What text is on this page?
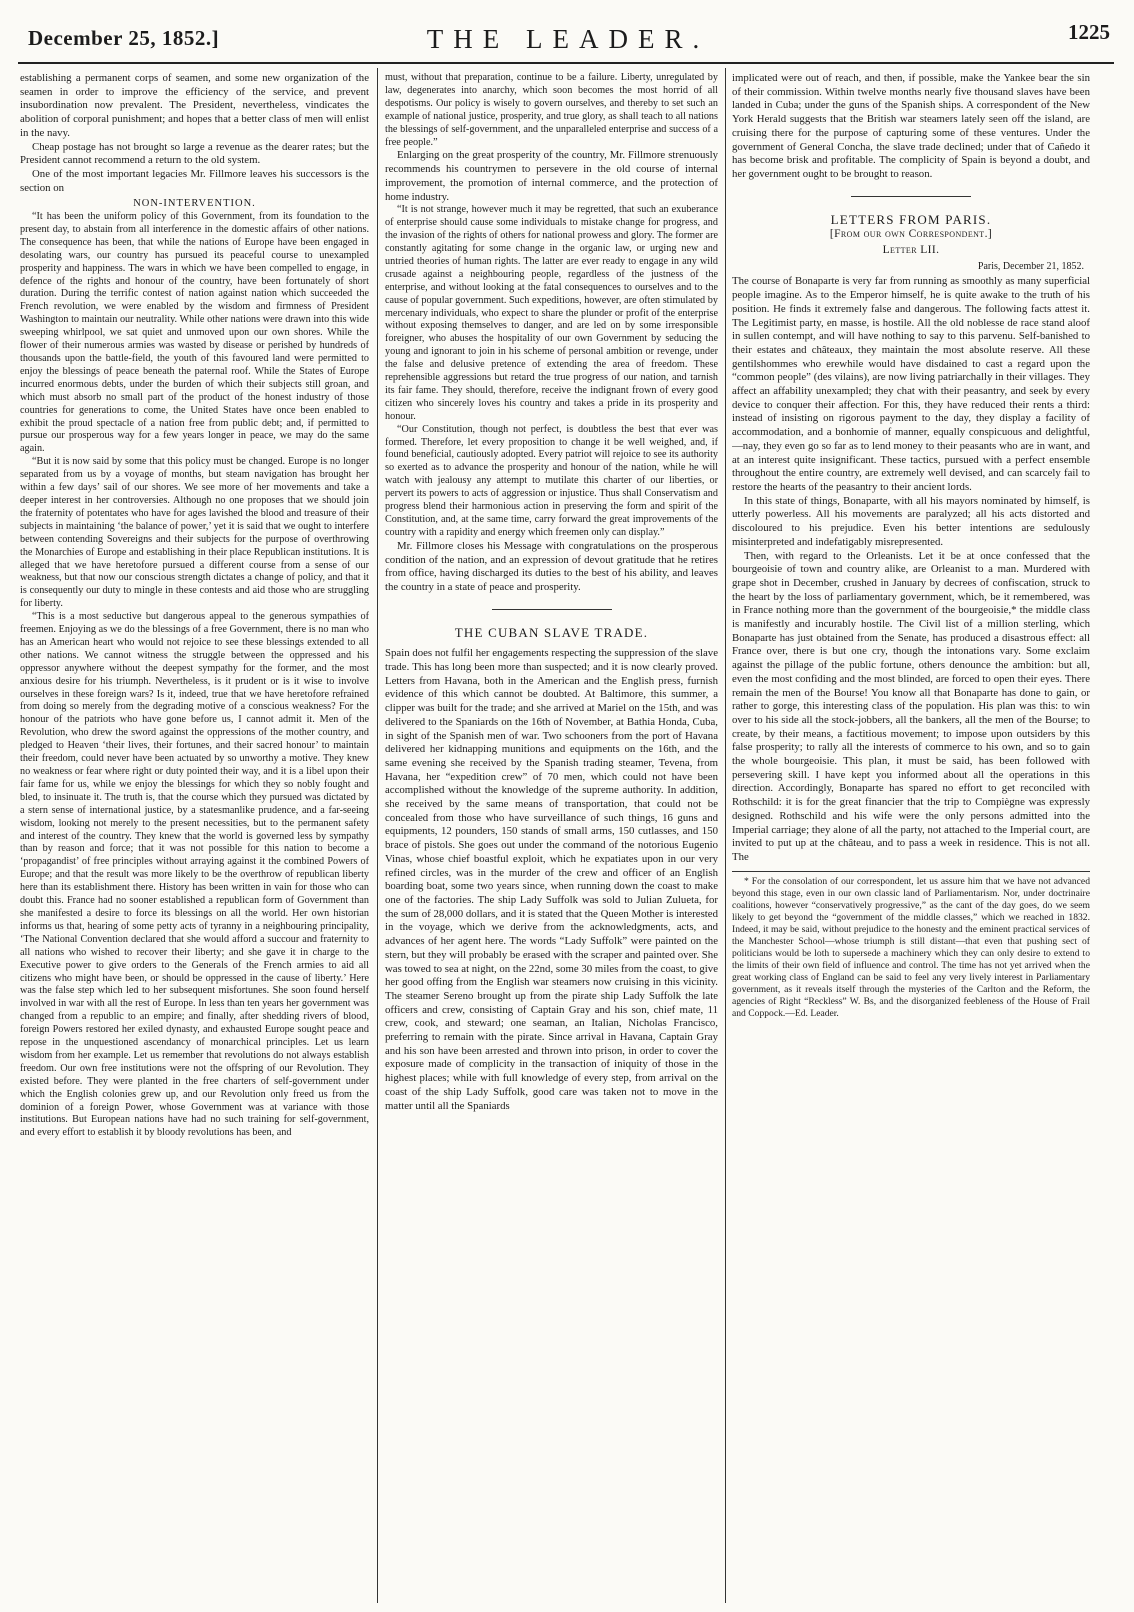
December 25, 1852.]	THE LEADER.	1225

establishing a permanent corps of seamen, and some new organization of the seamen in order to improve the efficiency of the service, and prevent insubordination now prevalent. The President, nevertheless, vindicates the abolition of corporal punishment; and hopes that a better class of men will enlist in the navy.

Cheap postage has not brought so large a revenue as the dearer rates; but the President cannot recommend a return to the old system.

One of the most important legacies Mr. Fillmore leaves his successors is the section on

NON-INTERVENTION.

“It has been the uniform policy of this Government, from its foundation to the present day, to abstain from all interference in the domestic affairs of other nations. The consequence has been, that while the nations of Europe have been engaged in desolating wars, our country has pursued its peaceful course to unexampled prosperity and happiness. The wars in which we have been compelled to engage, in defence of the rights and honour of the country, have been fortunately of short duration. During the terrific contest of nation against nation which succeeded the French revolution, we were enabled by the wisdom and firmness of President Washington to maintain our neutrality. While other nations were drawn into this wide sweeping whirlpool, we sat quiet and unmoved upon our own shores. While the flower of their numerous armies was wasted by disease or perished by hundreds of thousands upon the battle-field, the youth of this favoured land were permitted to enjoy the blessings of peace beneath the paternal roof. While the States of Europe incurred enormous debts, under the burden of which their subjects still groan, and which must absorb no small part of the product of the honest industry of those countries for generations to come, the United States have once been enabled to exhibit the proud spectacle of a nation free from public debt; and, if permitted to pursue our prosperous way for a few years longer in peace, we may do the same again.

“But it is now said by some that this policy must be changed. Europe is no longer separated from us by a voyage of months, but steam navigation has brought her within a few days’ sail of our shores. We see more of her movements and take a deeper interest in her controversies. Although no one proposes that we should join the fraternity of potentates who have for ages lavished the blood and treasure of their subjects in maintaining ‘the balance of power,’ yet it is said that we ought to interfere between contending Sovereigns and their subjects for the purpose of overthrowing the Monarchies of Europe and establishing in their place Republican institutions. It is alleged that we have heretofore pursued a different course from a sense of our weakness, but that now our conscious strength dictates a change of policy, and that it is consequently our duty to mingle in these contests and aid those who are struggling for liberty.

“This is a most seductive but dangerous appeal to the generous sympathies of freemen. Enjoying as we do the blessings of a free Government, there is no man who has an American heart who would not rejoice to see these blessings extended to all other nations. We cannot witness the struggle between the oppressed and his oppressor anywhere without the deepest sympathy for the former, and the most anxious desire for his triumph. Nevertheless, is it prudent or is it wise to involve ourselves in these foreign wars? Is it, indeed, true that we have heretofore refrained from doing so merely from the degrading motive of a conscious weakness? For the honour of the patriots who have gone before us, I cannot admit it. Men of the Revolution, who drew the sword against the oppressions of the mother country, and pledged to Heaven ‘their lives, their fortunes, and their sacred honour’ to maintain their freedom, could never have been actuated by so unworthy a motive. They knew no weakness or fear where right or duty pointed their way, and it is a libel upon their fair fame for us, while we enjoy the blessings for which they so nobly fought and bled, to insinuate it. The truth is, that the course which they pursued was dictated by a stern sense of international justice, by a statesmanlike prudence, and a far-seeing wisdom, looking not merely to the present necessities, but to the permanent safety and interest of the country. They knew that the world is governed less by sympathy than by reason and force; that it was not possible for this nation to become a ‘propagandist’ of free principles without arraying against it the combined Powers of Europe; and that the result was more likely to be the overthrow of republican liberty here than its establishment there. History has been written in vain for those who can doubt this. France had no sooner established a republican form of Government than she manifested a desire to force its blessings on all the world. Her own historian informs us that, hearing of some petty acts of tyranny in a neighbouring principality, ‘The National Convention declared that she would afford a succour and fraternity to all nations who wished to recover their liberty; and she gave it in charge to the Executive power to give orders to the Generals of the French armies to aid all citizens who might have been, or should be oppressed in the cause of liberty.’ Here was the false step which led to her subsequent misfortunes. She soon found herself involved in war with all the rest of Europe. In less than ten years her government was changed from a republic to an empire; and finally, after shedding rivers of blood, foreign Powers restored her exiled dynasty, and exhausted Europe sought peace and repose in the unquestioned ascendancy of monarchical principles. Let us learn wisdom from her example. Let us remember that revolutions do not always establish freedom. Our own free institutions were not the offspring of our Revolution. They existed before. They were planted in the free charters of self-government under which the English colonies grew up, and our Revolution only freed us from the dominion of a foreign Power, whose Government was at variance with those institutions. But European nations have had no such training for self-government, and every effort to establish it by bloody revolutions has been, and

must, without that preparation, continue to be a failure. Liberty, unregulated by law, degenerates into anarchy, which soon becomes the most horrid of all despotisms. Our policy is wisely to govern ourselves, and thereby to set such an example of national justice, prosperity, and true glory, as shall teach to all nations the blessings of self-government, and the unparalleled enterprise and success of a free people.”

Enlarging on the great prosperity of the country, Mr. Fillmore strenuously recommends his countrymen to persevere in the old course of internal improvement, the promotion of internal commerce, and the protection of home industry.

“It is not strange, however much it may be regretted, that such an exuberance of enterprise should cause some individuals to mistake change for progress, and the invasion of the rights of others for national prowess and glory. The former are constantly agitating for some change in the organic law, or urging new and untried theories of human rights. The latter are ever ready to engage in any wild crusade against a neighbouring people, regardless of the justness of the enterprise, and without looking at the fatal consequences to ourselves and to the cause of popular government. Such expeditions, however, are often stimulated by mercenary individuals, who expect to share the plunder or profit of the enterprise without exposing themselves to danger, and are led on by some irresponsible foreigner, who abuses the hospitality of our own Government by seducing the young and ignorant to join in his scheme of personal ambition or revenge, under the false and delusive pretence of extending the area of freedom. These reprehensible aggressions but retard the true progress of our nation, and tarnish its fair fame. They should, therefore, receive the indignant frown of every good citizen who sincerely loves his country and takes a pride in its prosperity and honour.

“Our Constitution, though not perfect, is doubtless the best that ever was formed. Therefore, let every proposition to change it be well weighed, and, if found beneficial, cautiously adopted. Every patriot will rejoice to see its authority so exerted as to advance the prosperity and honour of the nation, while he will watch with jealousy any attempt to mutilate this charter of our liberties, or pervert its powers to acts of aggression or injustice. Thus shall Conservatism and progress blend their harmonious action in preserving the form and spirit of the Constitution, and, at the same time, carry forward the great improvements of the country with a rapidity and energy which freemen only can display.”

Mr. Fillmore closes his Message with congratulations on the prosperous condition of the nation, and an expression of devout gratitude that he retires from office, having discharged its duties to the best of his ability, and leaves the country in a state of peace and prosperity.

THE CUBAN SLAVE TRADE.

Spain does not fulfil her engagements respecting the suppression of the slave trade. This has long been more than suspected; and it is now clearly proved. Letters from Havana, both in the American and the English press, furnish evidence of this which cannot be doubted. At Baltimore, this summer, a clipper was built for the trade; and she arrived at Mariel on the 15th, and was delivered to the Spaniards on the 16th of November, at Bathia Honda, Cuba, in sight of the Spanish men of war. Two schooners from the port of Havana delivered her kidnapping munitions and equipments on the 16th, and the same evening she received by the Spanish trading steamer, Tevena, from Havana, her “expedition crew” of 70 men, which could not have been accomplished without the knowledge of the supreme authority. In addition, she received by the same means of transportation, that could not be concealed from those who have surveillance of such things, 16 guns and equipments, 12 pounders, 150 stands of small arms, 150 cutlasses, and 150 brace of pistols. She goes out under the command of the notorious Eugenio Vinas, whose chief boastful exploit, which he expatiates upon in our very refined circles, was in the murder of the crew and officer of an English boarding boat, some two years since, when running down the coast to make one of the factories. The ship Lady Suffolk was sold to Julian Zulueta, for the sum of 28,000 dollars, and it is stated that the Queen Mother is interested in the voyage, which we derive from the acknowledgments, acts, and advances of her agent here. The words “Lady Suffolk” were painted on the stern, but they will probably be erased with the scraper and painted over. She was towed to sea at night, on the 22nd, some 30 miles from the coast, to give her good offing from the English war steamers now cruising in this vicinity. The steamer Sereno brought up from the pirate ship Lady Suffolk the late officers and crew, consisting of Captain Gray and his son, chief mate, 11 crew, cook, and steward; one seaman, an Italian, Nicholas Francisco, preferring to remain with the pirate. Since arrival in Havana, Captain Gray and his son have been arrested and thrown into prison, in order to cover the exposure made of complicity in the transaction of iniquity of those in the highest places; while with full knowledge of every step, from arrival on the coast of the ship Lady Suffolk, good care was taken not to move in the matter until all the Spaniards

implicated were out of reach, and then, if possible, make the Yankee bear the sin of their commission. Within twelve months nearly five thousand slaves have been landed in Cuba; under the guns of the Spanish ships. A correspondent of the New York Herald suggests that the British war steamers lately seen off the island, are cruising there for the purpose of capturing some of these ventures. Under the government of General Concha, the slave trade declined; under that of Cañedo it has become brisk and profitable. The complicity of Spain is beyond a doubt, and her government ought to be brought to reason.

LETTERS FROM PARIS.
[From our own Correspondent.]
Letter LII.
Paris, December 21, 1852.

The course of Bonaparte is very far from running as smoothly as many superficial people imagine. As to the Emperor himself, he is quite awake to the truth of his position. He finds it extremely false and dangerous. The following facts attest it. The Legitimist party, en masse, is hostile. All the old noblesse de race stand aloof in sullen contempt, and will have nothing to say to this parvenu. Self-banished to their estates and châteaux, they maintain the most absolute reserve. All these gentilshommes who erewhile would have disdained to cast a regard upon the “common people” (des vilains), are now living patriarchally in their villages. They affect an affability unexampled; they chat with their peasantry, and seek by every device to conquer their affection. For this, they have reduced their rents a third: instead of insisting on rigorous payment to the day, they display a facility of accommodation, and a bonhomie of manner, equally conspicuous and delightful,—nay, they even go so far as to lend money to their peasants who are in want, and at an interest quite insignificant. These tactics, pursued with a perfect ensemble throughout the entire country, are extremely well devised, and can scarcely fail to restore the hearts of the peasantry to their ancient lords.

In this state of things, Bonaparte, with all his mayors nominated by himself, is utterly powerless. All his movements are paralyzed; all his acts distorted and discoloured to his prejudice. Even his better intentions are sedulously misinterpreted and indefatigably misrepresented.

Then, with regard to the Orleanists. Let it be at once confessed that the bourgeoisie of town and country alike, are Orleanist to a man. Murdered with grape shot in December, crushed in January by decrees of confiscation, struck to the heart by the loss of parliamentary government, which, be it remembered, was in France nothing more than the government of the bourgeoisie,* the middle class is manifestly and incurably hostile. The Civil list of a million sterling, which Bonaparte has just obtained from the Senate, has produced a disastrous effect: all France over, there is but one cry, though the intonations vary. Some exclaim against the pillage of the public fortune, others denounce the ambition: but all, even the most confiding and the most blinded, are forced to open their eyes. There remain the men of the Bourse! You know all that Bonaparte has done to gain, or rather to gorge, this interesting class of the population. His plan was this: to win over to his side all the stock-jobbers, all the bankers, all the men of the Bourse; to create, by their means, a factitious movement; to impose upon outsiders by this false prosperity; to rally all the interests of commerce to his own, and so to gain the whole bourgeoisie. This plan, it must be said, has been followed with persevering skill. I have kept you informed about all the operations in this direction. Accordingly, Bonaparte has spared no effort to get reconciled with Rothschild: it is for the great financier that the trip to Compiègne was expressly designed. Rothschild and his wife were the only persons admitted into the Imperial carriage; they alone of all the party, not attached to the Imperial court, are invited to put up at the château, and to pass a week in residence. This is not all. The

* For the consolation of our correspondent, let us assure him that we have not advanced beyond this stage, even in our own classic land of Parliamentarism. Nor, under doctrinaire coalitions, however “conservatively progressive,” as the cant of the day goes, do we seem likely to get beyond the “government of the middle classes,” which we reached in 1832. Indeed, it may be said, without prejudice to the honesty and the eminent practical services of the Manchester School—whose triumph is still distant—that even that pushing sect of politicians would be loth to supersede a machinery which they can only desire to extend to the limits of their own field of influence and control. The time has not yet arrived when the great working class of England can be said to feel any very lively interest in Parliamentary government, as it reveals itself through the mysteries of the Carlton and the Reform, the agencies of Right “Reckless” W. Bs, and the disorganized feebleness of the House of Frail and Coppock.—Ed. Leader.
